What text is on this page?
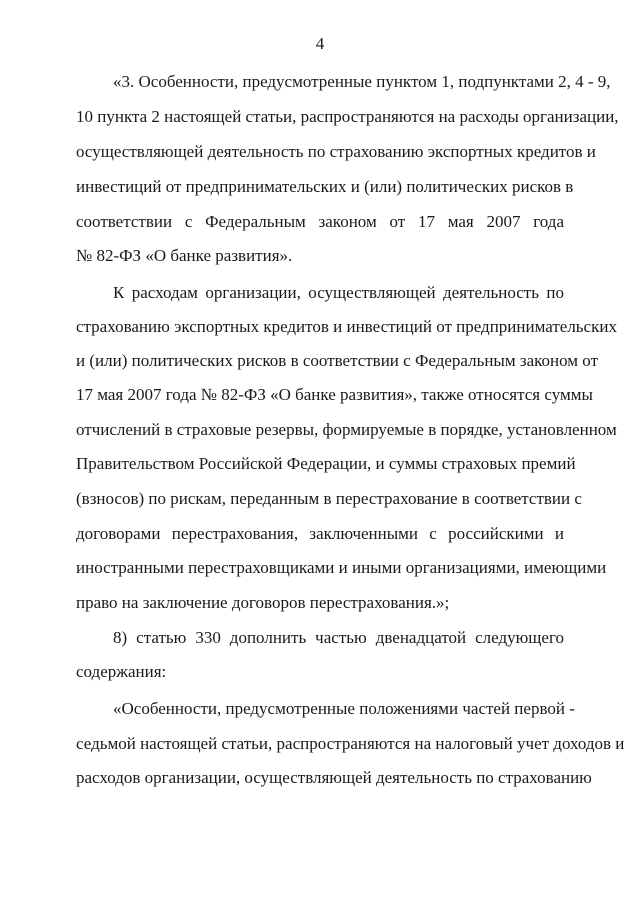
4
«3. Особенности, предусмотренные пунктом 1, подпунктами 2, 4 - 9,
10 пункта 2 настоящей статьи, распространяются на расходы организации,
осуществляющей деятельность по страхованию экспортных кредитов и
инвестиций от предпринимательских и (или) политических рисков в
соответствии с Федеральным законом от 17 мая 2007 года
№ 82-ФЗ «О банке развития».
К расходам организации, осуществляющей деятельность по
страхованию экспортных кредитов и инвестиций от предпринимательских
и (или) политических рисков в соответствии с Федеральным законом от
17 мая 2007 года № 82-ФЗ «О банке развития», также относятся суммы
отчислений в страховые резервы, формируемые в порядке, установленном
Правительством Российской Федерации, и суммы страховых премий
(взносов) по рискам, переданным в перестрахование в соответствии с
договорами перестрахования, заключенными с российскими и
иностранными перестраховщиками и иными организациями, имеющими
право на заключение договоров перестрахования.»;
8) статью 330 дополнить частью двенадцатой следующего
содержания:
«Особенности, предусмотренные положениями частей первой -
седьмой настоящей статьи, распространяются на налоговый учет доходов и
расходов организации, осуществляющей деятельность по страхованию
